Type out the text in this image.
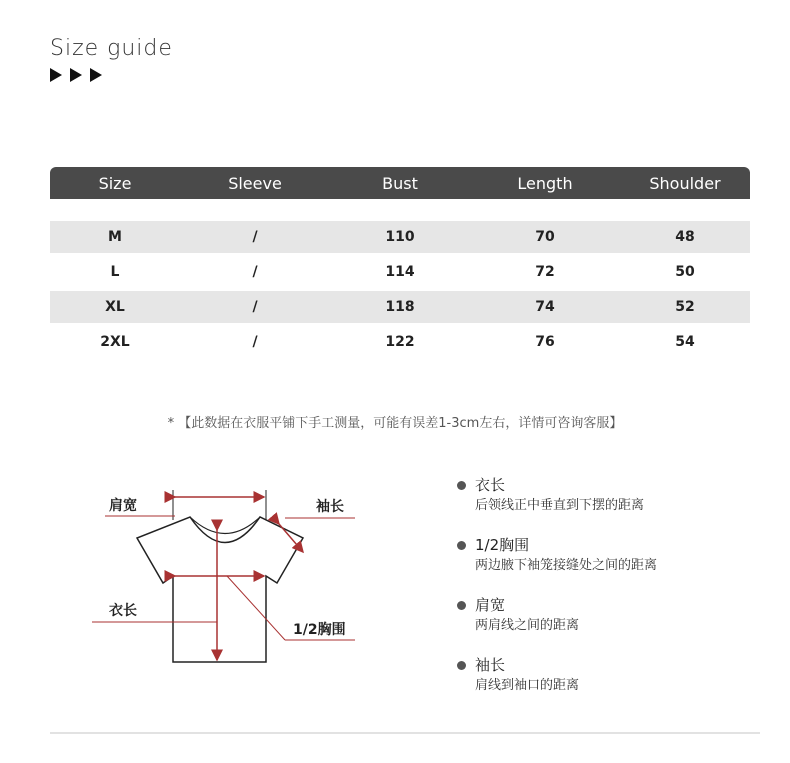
Size guide
Size	Sleeve	Bust	Length	Shoulder
M	/	110	70	48
L	/	114	72	50
XL	/	118	74	52
2XL	/	122	76	54
* 【此数据在衣服平铺下手工测量，可能有误差1-3cm左右，详情可咨询客服】
肩宽	袖长
衣长
1/2胸围
衣长
后领线正中垂直到下摆的距离
1/2胸围
两边腋下袖笼接缝处之间的距离
肩宽
两肩线之间的距离
袖长
肩线到袖口的距离
